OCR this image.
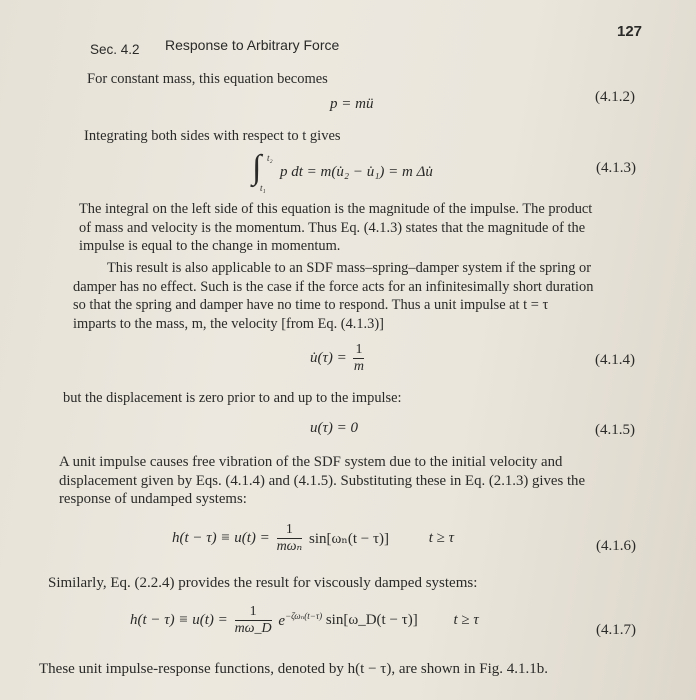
127
Sec. 4.2 Response to Arbitrary Force
For constant mass, this equation becomes
p = mü	(4.1.2)
Integrating both sides with respect to t gives
∫ t₂
t₁
p dt = m(u̇₂ − u̇₁) = m Δu̇	(4.1.3)
The integral on the left side of this equation is the magnitude of the impulse. The product
of mass and velocity is the momentum. Thus Eq. (4.1.3) states that the magnitude of the
impulse is equal to the change in momentum.
This result is also applicable to an SDF mass–spring–damper system if the spring or
damper has no effect. Such is the case if the force acts for an infinitesimally short duration
so that the spring and damper have no time to respond. Thus a unit impulse at t = τ
imparts to the mass, m, the velocity [from Eq. (4.1.3)]
u̇(τ) = $\frac{1}{m}$	(4.1.4)
but the displacement is zero prior to and up to the impulse:
u(τ) = 0	(4.1.5)
A unit impulse causes free vibration of the SDF system due to the initial velocity and
displacement given by Eqs. (4.1.4) and (4.1.5). Substituting these in Eq. (2.1.3) gives the
response of undamped systems:
$h(t - \tau) \equiv u(t) = \frac{1}{\text{mωₙ}} \sin[\omega_n(t - \tau)]$	t ≥ τ	(4.1.6)
Similarly, Eq. (2.2.4) provides the result for viscously damped systems:
$h(t - \tau) \equiv u(t) = \frac{1}{m\omega\_D} e^{-\zeta\omega_n(t-\tau)}$ sin[ω_D(t − τ)] t ≥ τ
(4.1.7)
These unit impulse-response functions, denoted by h(t − τ), are shown in Fig. 4.1.1b.
